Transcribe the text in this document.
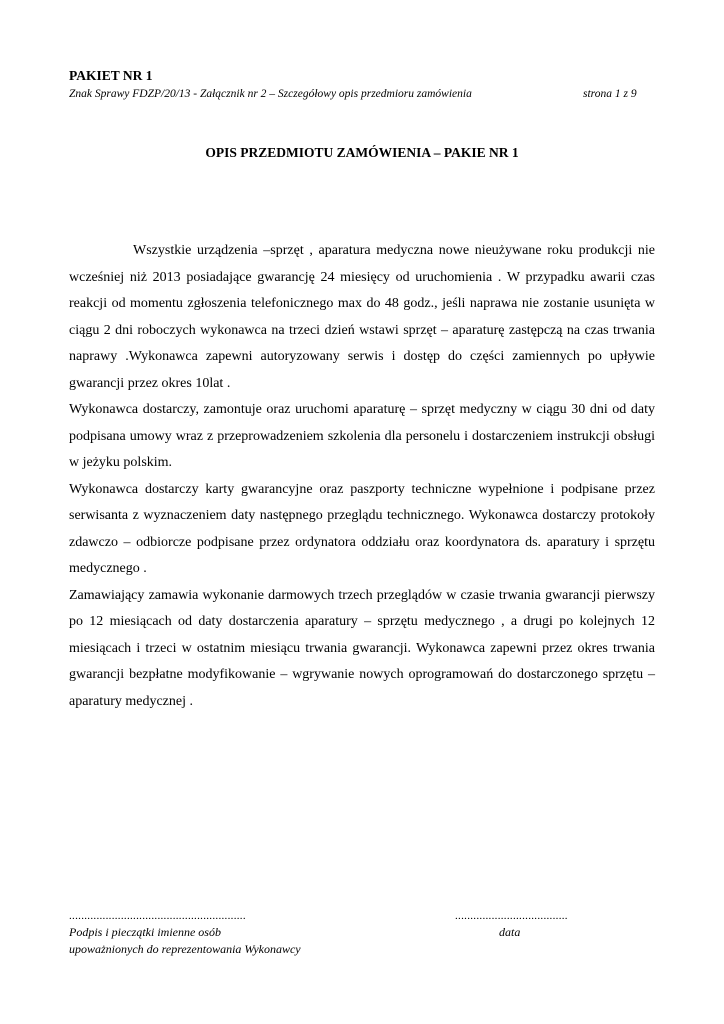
PAKIET NR 1
Znak Sprawy FDZP/20/13 - Załącznik nr 2 – Szczegółowy opis przedmioru zamówienia	strona 1 z 9
OPIS PRZEDMIOTU ZAMÓWIENIA – PAKIE NR 1

Wszystkie urządzenia –sprzęt , aparatura medyczna nowe nieużywane roku produkcji nie wcześniej niż 2013 posiadające gwarancję 24 miesięcy od uruchomienia . W przypadku awarii czas reakcji od momentu zgłoszenia telefonicznego max do 48 godz., jeśli naprawa nie zostanie usunięta w ciągu 2 dni roboczych wykonawca na trzeci dzień wstawi sprzęt – aparaturę zastępczą na czas trwania naprawy .Wykonawca zapewni autoryzowany serwis i dostęp do części zamiennych po upływie gwarancji przez okres 10lat .

Wykonawca dostarczy, zamontuje oraz uruchomi aparaturę – sprzęt medyczny w ciągu 30 dni od daty podpisana umowy wraz z przeprowadzeniem szkolenia dla personelu i dostarczeniem instrukcji obsługi w jeżyku polskim.

Wykonawca dostarczy karty gwarancyjne oraz paszporty techniczne wypełnione i podpisane przez serwisanta z wyznaczeniem daty następnego przeglądu technicznego. Wykonawca dostarczy protokoły zdawczo – odbiorcze podpisane przez ordynatora oddziału oraz koordynatora ds. aparatury i sprzętu medycznego .

Zamawiający zamawia wykonanie darmowych trzech przeglądów w czasie trwania gwarancji pierwszy po 12 miesiącach od daty dostarczenia aparatury – sprzętu medycznego , a drugi po kolejnych 12 miesiącach i trzeci w ostatnim miesiącu trwania gwarancji. Wykonawca zapewni przez okres trwania gwarancji bezpłatne modyfikowanie – wgrywanie nowych oprogramowań do dostarczonego sprzętu – aparatury medycznej .

..........................................................	.....................................
Podpis i pieczątki imienne osób
upoważnionych do reprezentowania Wykonawcy
data
